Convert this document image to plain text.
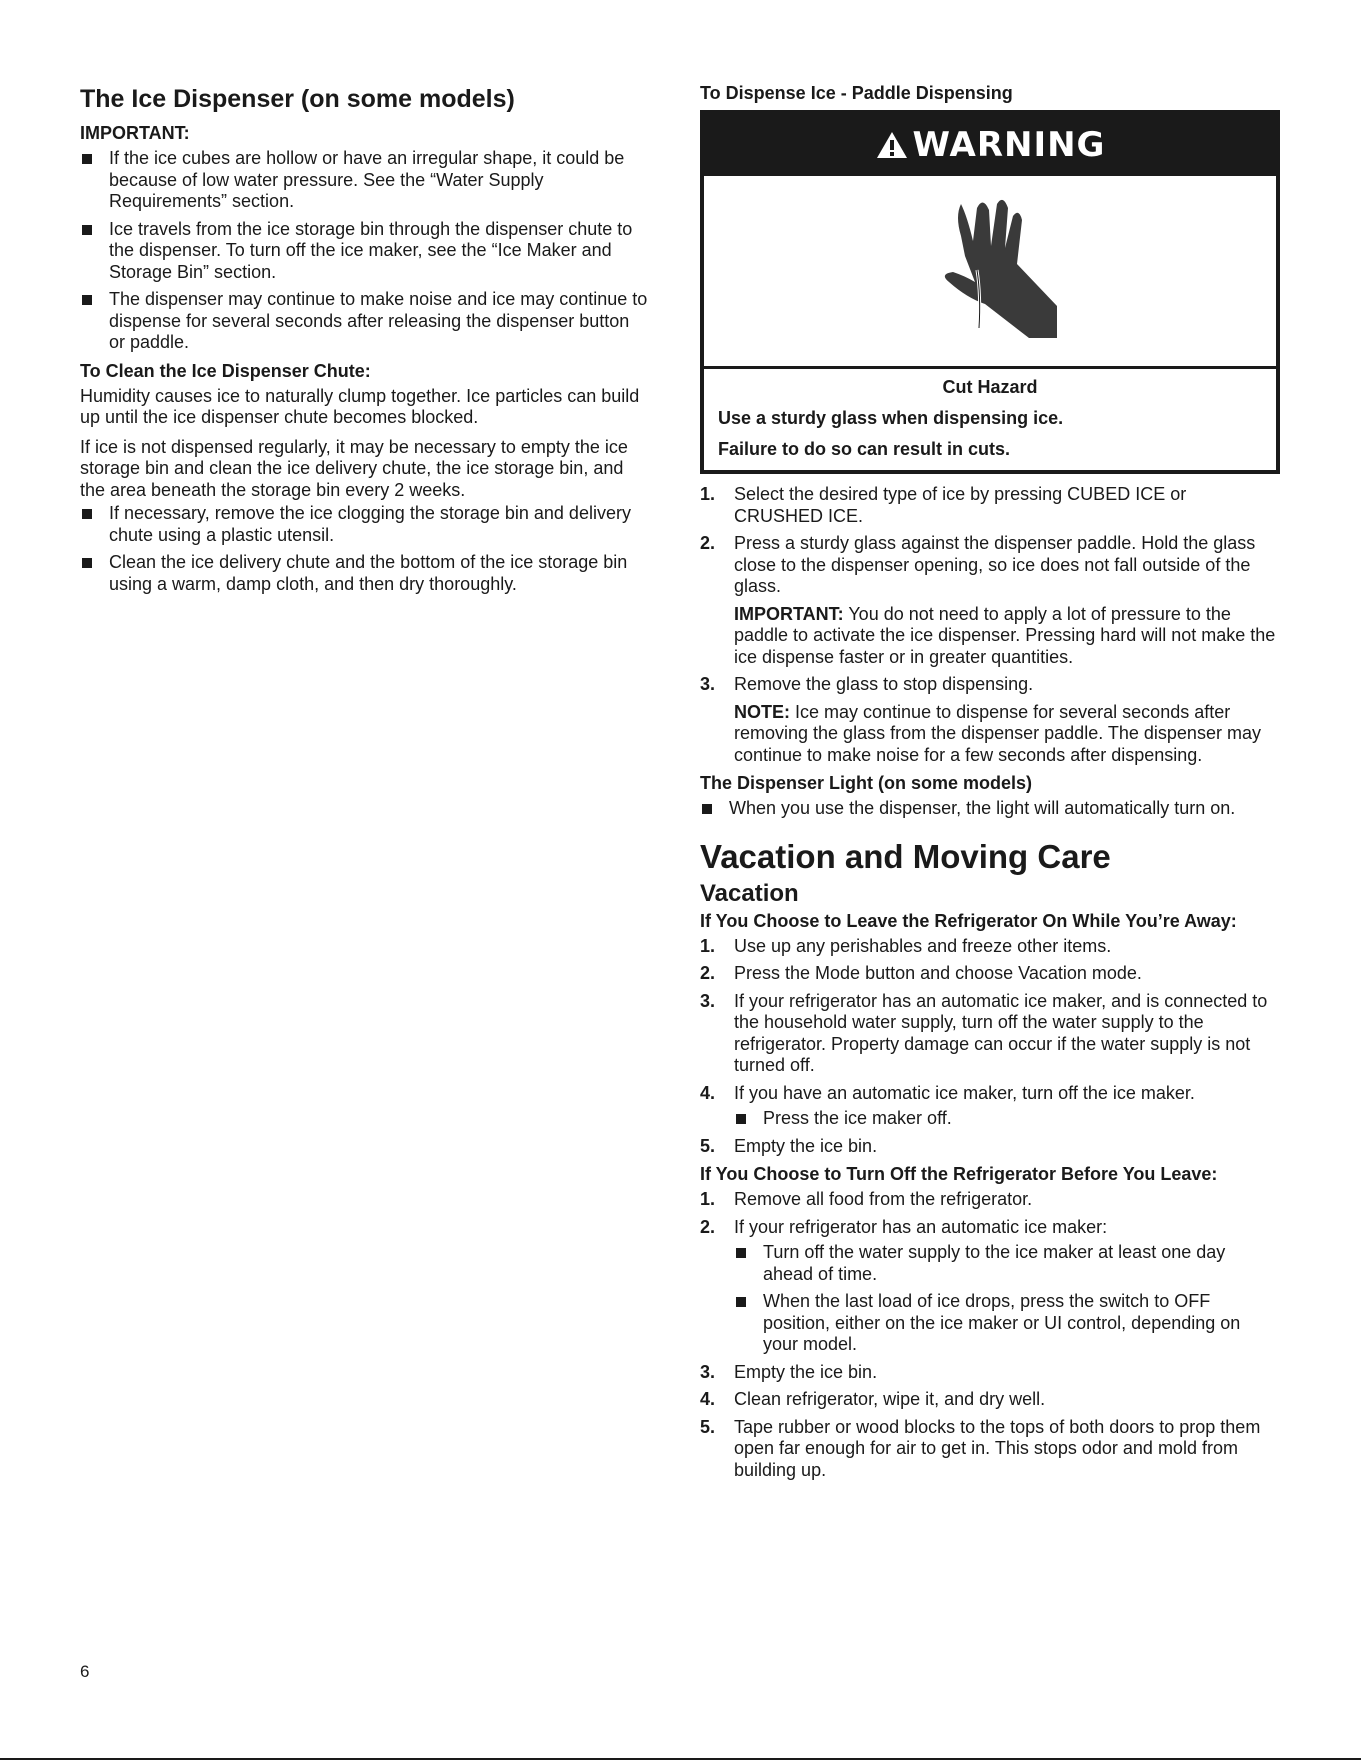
The Ice Dispenser (on some models)
IMPORTANT:
If the ice cubes are hollow or have an irregular shape, it could be because of low water pressure. See the “Water Supply Requirements” section.
Ice travels from the ice storage bin through the dispenser chute to the dispenser. To turn off the ice maker, see the “Ice Maker and Storage Bin” section.
The dispenser may continue to make noise and ice may continue to dispense for several seconds after releasing the dispenser button or paddle.
To Clean the Ice Dispenser Chute:

Humidity causes ice to naturally clump together. Ice particles can build up until the ice dispenser chute becomes blocked.

If ice is not dispensed regularly, it may be necessary to empty the ice storage bin and clean the ice delivery chute, the ice storage bin, and the area beneath the storage bin every 2 weeks.

If necessary, remove the ice clogging the storage bin and delivery chute using a plastic utensil.
Clean the ice delivery chute and the bottom of the ice storage bin using a warm, damp cloth, and then dry thoroughly.
To Dispense Ice - Paddle Dispensing
WARNING
Cut Hazard
Use a sturdy glass when dispensing ice.
Failure to do so can result in cuts.
1. Select the desired type of ice by pressing CUBED ICE or CRUSHED ICE.
2. Press a sturdy glass against the dispenser paddle. Hold the glass close to the dispenser opening, so ice does not fall outside of the glass.
IMPORTANT: You do not need to apply a lot of pressure to the paddle to activate the ice dispenser. Pressing hard will not make the ice dispense faster or in greater quantities.
3. Remove the glass to stop dispensing.
NOTE: Ice may continue to dispense for several seconds after removing the glass from the dispenser paddle. The dispenser may continue to make noise for a few seconds after dispensing.
The Dispenser Light (on some models)
When you use the dispenser, the light will automatically turn on.
Vacation and Moving Care
Vacation
If You Choose to Leave the Refrigerator On While You’re Away:
1. Use up any perishables and freeze other items.
2. Press the Mode button and choose Vacation mode.
3. If your refrigerator has an automatic ice maker, and is connected to the household water supply, turn off the water supply to the refrigerator. Property damage can occur if the water supply is not turned off.
4. If you have an automatic ice maker, turn off the ice maker.
Press the ice maker off.
5. Empty the ice bin.
If You Choose to Turn Off the Refrigerator Before You Leave:
1. Remove all food from the refrigerator.
2. If your refrigerator has an automatic ice maker:
Turn off the water supply to the ice maker at least one day ahead of time.
When the last load of ice drops, press the switch to OFF position, either on the ice maker or UI control, depending on your model.
3. Empty the ice bin.
4. Clean refrigerator, wipe it, and dry well.
5. Tape rubber or wood blocks to the tops of both doors to prop them open far enough for air to get in. This stops odor and mold from building up.
6
